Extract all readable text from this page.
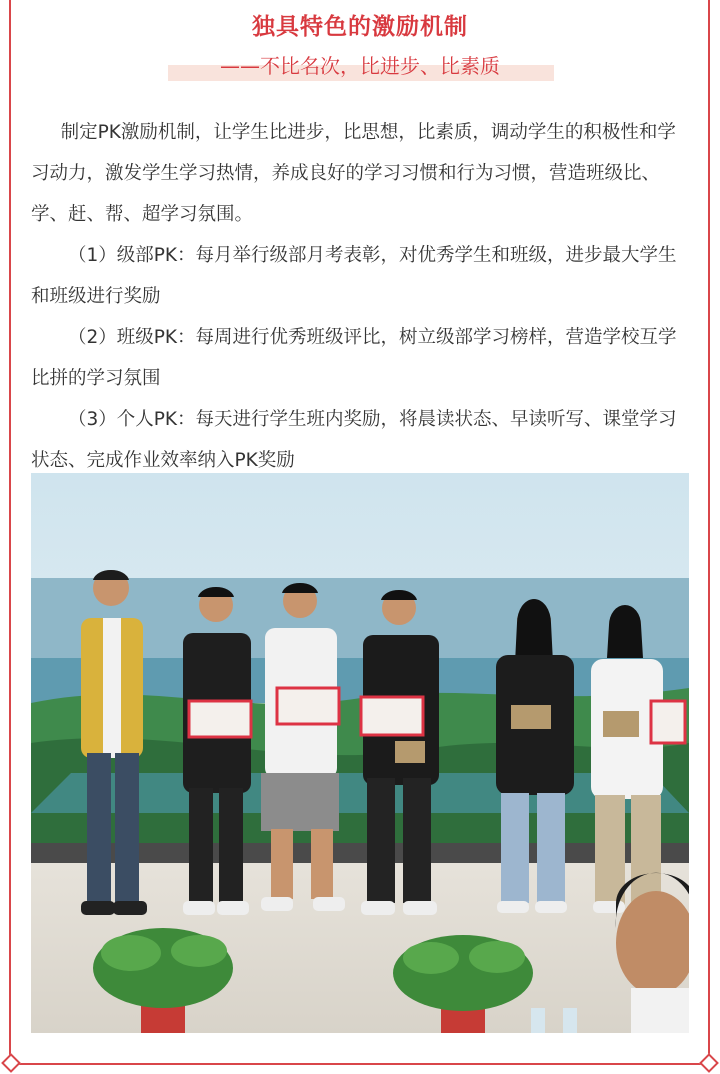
独具特色的激励机制
——不比名次，比进步、比素质

制定PK激励机制，让学生比进步，比思想，比素质，调动学生的积极性和学习动力，激发学生学习热情，养成良好的学习习惯和行为习惯，营造班级比、学、赶、帮、超学习氛围。

（1）级部PK：每月举行级部月考表彰，对优秀学生和班级，进步最大学生和班级进行奖励

（2）班级PK：每周进行优秀班级评比，树立级部学习榜样，营造学校互学比拼的学习氛围

（3）个人PK：每天进行学生班内奖励，将晨读状态、早读听写、课堂学习状态、完成作业效率纳入PK奖励
